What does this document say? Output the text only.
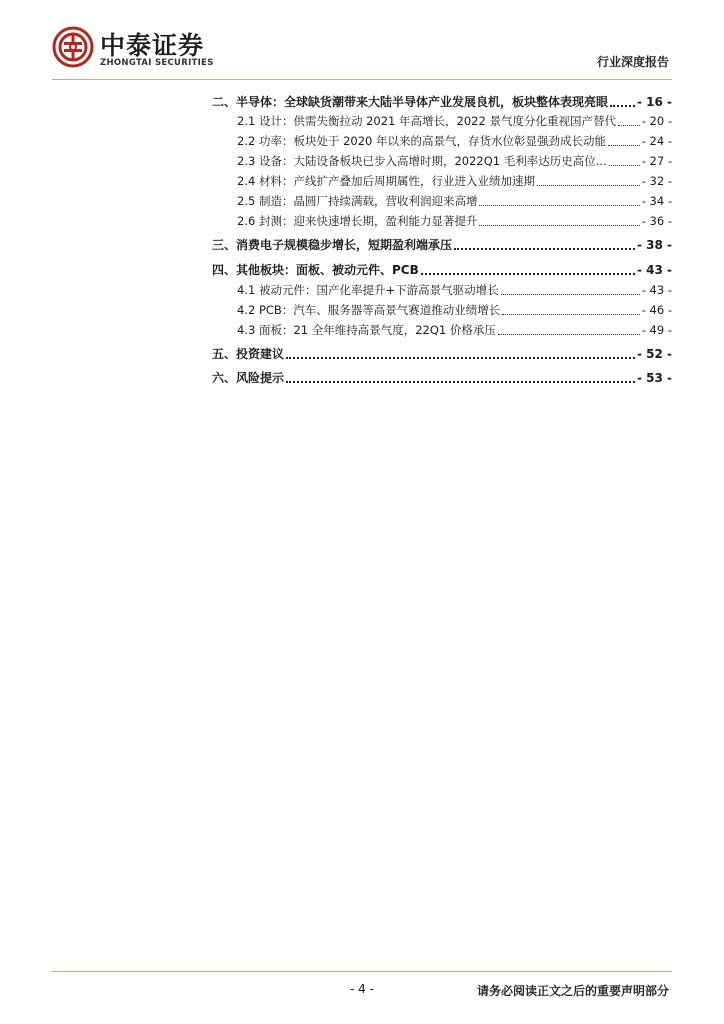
中泰证券
ZHONGTAI SECURITIES	行业深度报告
二、半导体：全球缺货潮带来大陆半导体产业发展良机，板块整体表现亮眼 - 16 -
2.1 设计：供需失衡拉动 2021 年高增长，2022 景气度分化重视国产替代 - 20 -
2.2 功率：板块处于 2020 年以来的高景气，存货水位彰显强劲成长动能	- 24 -
2.3 设备：大陆设备板块已步入高增时期，2022Q1 毛利率达历史高位...	- 27 -
2.4 材料：产线扩产叠加后周期属性，行业进入业绩加速期	- 32 -
2.5 制造：晶圆厂持续满载，营收利润迎来高增	- 34 -
2.6 封测：迎来快速增长期，盈利能力显著提升	- 36 -
三、消费电子规模稳步增长，短期盈利端承压	- 38 -
四、其他板块：面板、被动元件、PCB	- 43 -
4.1 被动元件：国产化率提升+下游高景气驱动增长	- 43 -
4.2 PCB：汽车、服务器等高景气赛道推动业绩增长	- 46 -
4.3 面板：21 全年维持高景气度，22Q1 价格承压	- 49 -
五、投资建议	- 52 -
六、风险提示	- 53 -
- 4 -	请务必阅读正文之后的重要声明部分
